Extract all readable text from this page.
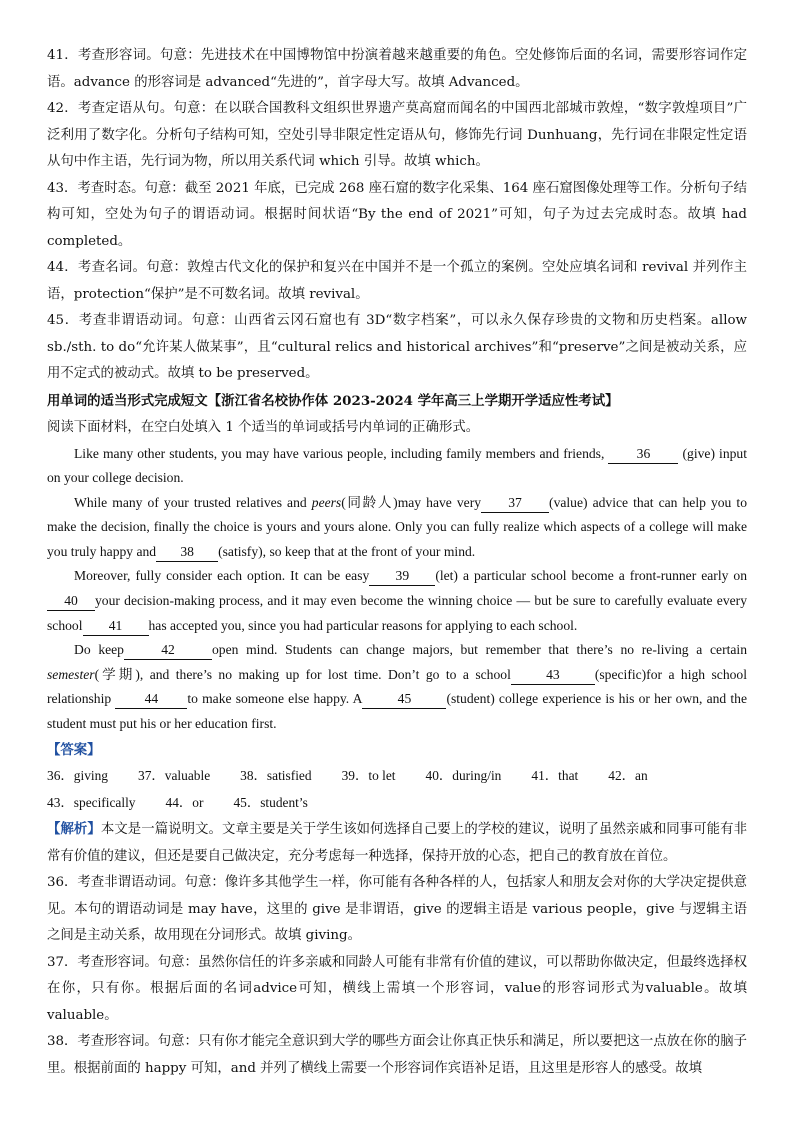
41．考查形容词。句意：先进技术在中国博物馆中扮演着越来越重要的角色。空处修饰后面的名词，需要形容词作定语。advance 的形容词是 advanced“先进的”，首字母大写。故填 Advanced。

42．考查定语从句。句意：在以联合国教科文组织世界遗产莫高窟而闻名的中国西北部城市敦煌，“数字敦煌项目”广泛利用了数字化。分析句子结构可知，空处引导非限定性定语从句，修饰先行词 Dunhuang，先行词在非限定性定语从句中作主语，先行词为物，所以用关系代词 which 引导。故填 which。

43．考查时态。句意：截至 2021 年底，已完成 268 座石窟的数字化采集、164 座石窟图像处理等工作。分析句子结构可知，空处为句子的谓语动词。根据时间状语“By the end of 2021”可知，句子为过去完成时态。故填 had completed。

44．考查名词。句意：敦煌古代文化的保护和复兴在中国并不是一个孤立的案例。空处应填名词和 revival 并列作主语，protection“保护”是不可数名词。故填 revival。

45．考查非谓语动词。句意：山西省云冈石窟也有 3D“数字档案”，可以永久保存珍贵的文物和历史档案。allow sb./sth. to do“允许某人做某事”，且“cultural relics and historical archives”和“preserve”之间是被动关系，应用不定式的被动式。故填 to be preserved。

用单词的适当形式完成短文【浙江省名校协作体 2023-2024 学年高三上学期开学适应性考试】

阅读下面材料，在空白处填入 1 个适当的单词或括号内单词的正确形式。

Like many other students, you may have various people, including family members and friends, 36 (give) input on your college decision.

While many of your trusted relatives and peers(同龄人)may have very 37 (value) advice that can help you to make the decision, finally the choice is yours and yours alone. Only you can fully realize which aspects of a college will make you truly happy and 38 (satisfy), so keep that at the front of your mind.

Moreover, fully consider each option. It can be easy 39 (let) a particular school become a front-runner early on 40 your decision-making process, and it may even become the winning choice — but be sure to carefully evaluate every school 41 has accepted you, since you had particular reasons for applying to each school.

Do keep	42	open mind. Students can change majors, but remember that there’s no re-living a certain semester(学期), and there’s no making up for lost time. Don’t go to a school	43	(specific)for a high school relationship 44 to make someone else happy. A	45	(student) college experience is his or her own, and the student must put his or her education first.

【答案】

36．giving 37．valuable 38．satisfied 39．to let 40．during/in 41．that 42．an
43．specifically 44．or 45．student’s

【解析】本文是一篇说明文。文章主要是关于学生该如何选择自己要上的学校的建议，说明了虽然亲戚和同事可能有非常有价值的建议，但还是要自己做决定，充分考虑每一种选择，保持开放的心态，把自己的教育放在首位。

36．考查非谓语动词。句意：像许多其他学生一样，你可能有各种各样的人，包括家人和朋友会对你的大学决定提供意见。本句的谓语动词是 may have，这里的 give 是非谓语，give 的逻辑主语是 various people，give 与逻辑主语之间是主动关系，故用现在分词形式。故填 giving。

37．考查形容词。句意：虽然你信任的许多亲戚和同龄人可能有非常有价值的建议，可以帮助你做决定，但最终选择权在你，只有你。根据后面的名词advice可知，横线上需填一个形容词，value的形容词形式为valuable。故填valuable。

38．考查形容词。句意：只有你才能完全意识到大学的哪些方面会让你真正快乐和满足，所以要把这一点放在你的脑子里。根据前面的 happy 可知，and 并列了横线上需要一个形容词作宾语补足语，且这里是形容人的感受。故填
